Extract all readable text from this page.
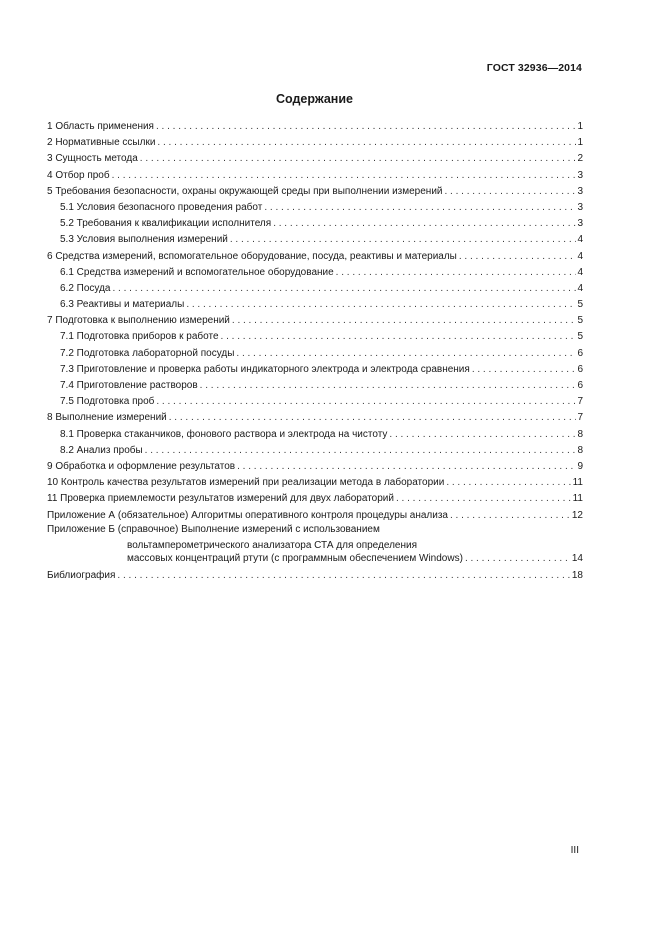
ГОСТ 32936—2014
Содержание
1 Область применения . . .	1
2 Нормативные ссылки . . .	1
3 Сущность метода . . .	2
4 Отбор проб . . .	3
5 Требования безопасности, охраны окружающей среды при выполнении измерений . . .	3
5.1 Условия безопасного проведения работ . . .	3
5.2 Требования к квалификации исполнителя . . .	3
5.3 Условия выполнения измерений . . .	4
6 Средства измерений, вспомогательное оборудование, посуда, реактивы и материалы . . .	4
6.1 Средства измерений и вспомогательное оборудование . . .	4
6.2 Посуда . . .	4
6.3 Реактивы и материалы . . .	5
7 Подготовка к выполнению измерений . . .	5
7.1 Подготовка приборов к работе . . .	5
7.2 Подготовка лабораторной посуды . . .	6
7.3 Приготовление и проверка работы индикаторного электрода и электрода сравнения . . .	6
7.4 Приготовление растворов . . .	6
7.5 Подготовка проб . . .	7
8 Выполнение измерений . . .	7
8.1 Проверка стаканчиков, фонового раствора и электрода на чистоту . . .	8
8.2 Анализ пробы . . .	8
9 Обработка и оформление результатов . . .	9
10 Контроль качества результатов измерений при реализации метода в лаборатории . . .	11
11 Проверка приемлемости результатов измерений для двух лабораторий . . .	11
Приложение А (обязательное) Алгоритмы оперативного контроля процедуры анализа . . .	12
Приложение Б (справочное) Выполнение измерений с использованием
вольтамперометрического анализатора СТА для определения
массовых концентраций ртути (с программным обеспечением Windows) . . .	14
Библиография . . .	18
III
